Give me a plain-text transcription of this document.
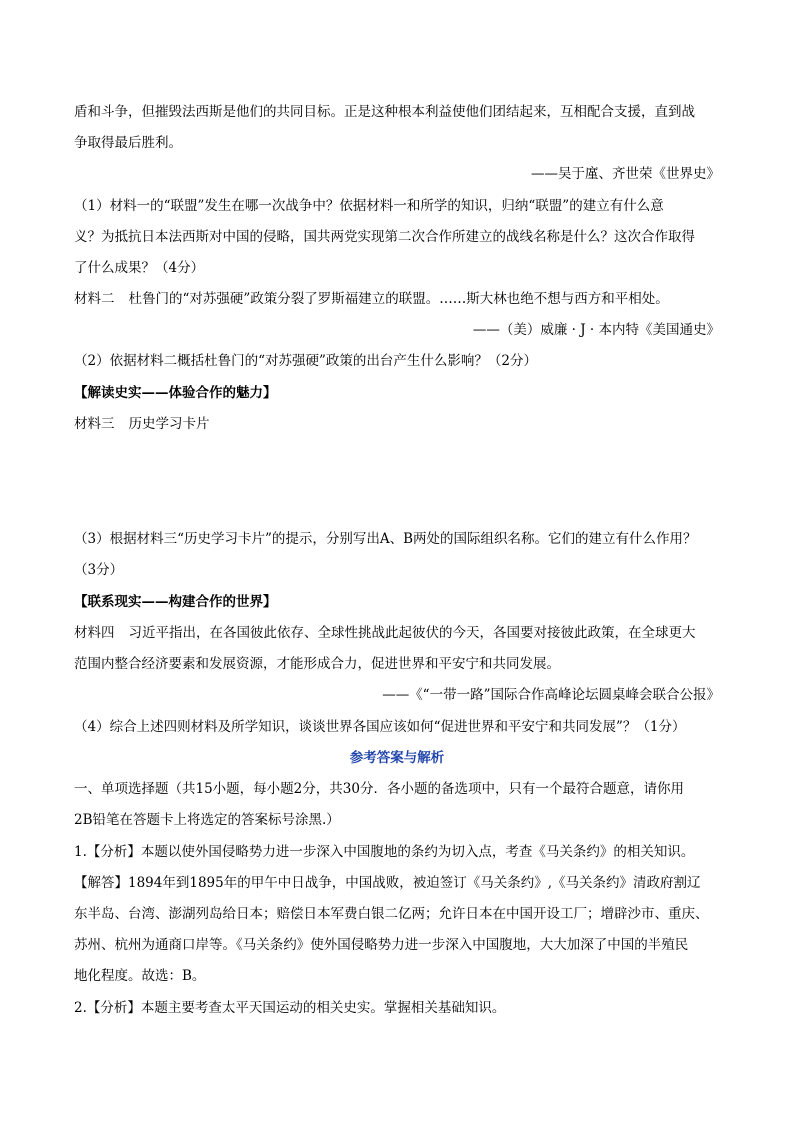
盾和斗争，但摧毁法西斯是他们的共同目标。正是这种根本利益使他们团结起来，互相配合支援，直到战
争取得最后胜利。
——吴于廑、齐世荣《世界史》
（1）材料一的“联盟”发生在哪一次战争中？依据材料一和所学的知识，归纳“联盟”的建立有什么意
义？为抵抗日本法西斯对中国的侵略，国共两党实现第二次合作所建立的战线名称是什么？这次合作取得
了什么成果？（4分）
材料二 杜鲁门的“对苏强硬”政策分裂了罗斯福建立的联盟。……斯大林也绝不想与西方和平相处。
——（美）威廉 · J · 本内特《美国通史》
（2）依据材料二概括杜鲁门的“对苏强硬”政策的出台产生什么影响？（2分）
【解读史实——体验合作的魅力】
材料三 历史学习卡片
（3）根据材料三“历史学习卡片”的提示，分别写出A、B两处的国际组织名称。它们的建立有什么作用？
（3分）
【联系现实——构建合作的世界】
材料四 习近平指出，在各国彼此依存、全球性挑战此起彼伏的今天，各国要对接彼此政策，在全球更大
范围内整合经济要素和发展资源，才能形成合力，促进世界和平安宁和共同发展。
——《“一带一路”国际合作高峰论坛圆桌峰会联合公报》
（4）综合上述四则材料及所学知识，谈谈世界各国应该如何“促进世界和平安宁和共同发展”？（1分）
参考答案与解析
一、单项选择题（共15小题，每小题2分，共30分．各小题的备选项中，只有一个最符合题意，请你用
2B铅笔在答题卡上将选定的答案标号涂黑.）
1.【分析】本题以使外国侵略势力进一步深入中国腹地的条约为切入点，考查《马关条约》的相关知识。
【解答】1894年到1895年的甲午中日战争，中国战败，被迫签订《马关条约》,《马关条约》清政府割辽
东半岛、台湾、澎湖列岛给日本；赔偿日本军费白银二亿两；允许日本在中国开设工厂；增辟沙市、重庆、
苏州、杭州为通商口岸等。《马关条约》使外国侵略势力进一步深入中国腹地，大大加深了中国的半殖民
地化程度。故选：B。
2.【分析】本题主要考查太平天国运动的相关史实。掌握相关基础知识。
